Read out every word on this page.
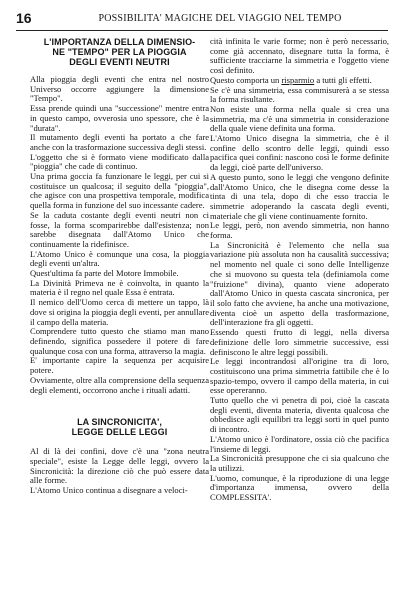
16	POSSIBILITA' MAGICHE DEL VIAGGIO NEL TEMPO
L'IMPORTANZA DELLA DIMENSIO-
NE "TEMPO" PER LA PIOGGIA
DEGLI EVENTI NEUTRI

Alla pioggia degli eventi che entra nel nostro Universo occorre aggiungere la dimensione "Tempo".

Essa prende quindi una "successione" mentre entra in questo campo, ovverosia uno spessore, che è la "durata".

Il mutamento degli eventi ha portato a che fare anche con la trasformazione successiva degli stessi.

L'oggetto che si è formato viene modificato dalla "pioggia" che cade di continuo.

Una prima goccia fa funzionare le leggi, per cui si costituisce un qualcosa; il seguito della "pioggia", che agisce con una prospettiva temporale, modifica quella forma in funzione del suo incessante cadere.

Se la caduta costante degli eventi neutri non ci fosse, la forma scomparirebbe dall'esistenza; non sarebbe disegnata dall'Atomo Unico che continuamente la ridefinisce.

L'Atomo Unico è comunque una cosa, la pioggia degli eventi un'altra.

Quest'ultima fa parte del Motore Immobile.

La Divinità Primeva ne è coinvolta, in quanto la materia è il regno nel quale Essa è entrata.

Il nemico dell'Uomo cerca di mettere un tappo, là dove si origina la pioggia degli eventi, per annullare il campo della materia.

Comprendere tutto questo che stiamo man mano definendo, significa possedere il potere di fare qualunque cosa con una forma, attraverso la magia.

E' importante capire la sequenza per acquisire potere.

Ovviamente, oltre alla comprensione della sequenza degli elementi, occorrono anche i rituali adatti.

LA SINCRONICITA',
LEGGE DELLE LEGGI

Al di là dei confini, dove c'è una "zona neutra speciale", esiste la Legge delle leggi, ovvero la Sincronicità: la direzione ciò che può essere data alle forme.

L'Atomo Unico continua a disegnare a veloci-

cità infinita le varie forme; non è però necessario, come già accennato, disegnare tutta la forma, è sufficiente tracciarne la simmetria e l'oggetto viene così definito.

Questo comporta un risparmio a tutti gli effetti.

Se c'è una simmetria, essa commisurerà a se stessa la forma risultante.

Non esiste una forma nella quale si crea una simmetria, ma c'è una simmetria in considerazione della quale viene definita una forma.

L'Atomo Unico disegna la simmetria, che è il confine dello scontro delle leggi, quindi esso pacifica quei confini: nascono così le forme definite da leggi, cioè parte dell'universo.

A questo punto, sono le leggi che vengono definite dall'Atomo Unico, che le disegna come desse la tinta di una tela, dopo di che esso traccia le simmetrie adoperando la cascata degli eventi, materiale che gli viene continuamente fornito.

Le leggi, però, non avendo simmetria, non hanno forma.

La Sincronicità è l'elemento che nella sua variazione più assoluta non ha causalità successiva; nel momento nel quale ci sono delle Intelligenze che si muovono su questa tela (definiamola come "fruizione" divina), quanto viene adoperato dall'Atomo Unico in questa cascata sincronica, per il solo fatto che avviene, ha anche una motivazione, diventa cioè un aspetto della trasformazione, dell'interazione fra gli oggetti.

Essendo questi frutto di leggi, nella diversa definizione delle loro simmetrie successive, essi definiscono le altre leggi possibili.

Le leggi incontrandosi all'origine tra di loro, costituiscono una prima simmetria fattibile che è lo spazio-tempo, ovvero il campo della materia, in cui esse opereranno.

Tutto quello che vi penetra di poi, cioè la cascata degli eventi, diventa materia, diventa qualcosa che obbedisce agli equilibri tra leggi sorti in quel punto di incontro.

L'Atomo unico è l'ordinatore, ossia ciò che pacifica l'insieme di leggi.

La Sincronicità presuppone che ci sia qualcuno che la utilizzi.

L'uomo, comunque, è la riproduzione di una legge d'importanza immensa, ovvero della COMPLESSITA'.
